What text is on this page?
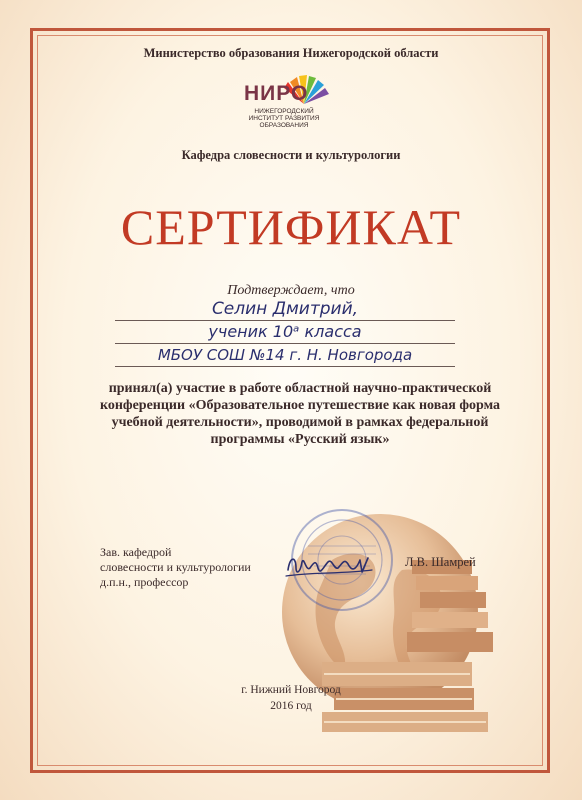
Министерство образования Нижегородской области
НИРО
НИЖЕГОРОДСКИЙ ИНСТИТУТ РАЗВИТИЯ ОБРАЗОВАНИЯ
Кафедра словесности и культурологии
СЕРТИФИКАТ
Подтверждает, что
Селин Дмитрий,
ученик 10ᵃ класса
МБОУ СОШ №14 г. Н. Новгорода
принял(а) участие в работе областной научно-практической конференции «Образовательное путешествие как новая форма учебной деятельности», проводимой в рамках федеральной программы «Русский язык»
Зав. кафедрой
словесности и культурологии
д.п.н., профессор
Л.В. Шамрей
г. Нижний Новгород
2016 год
